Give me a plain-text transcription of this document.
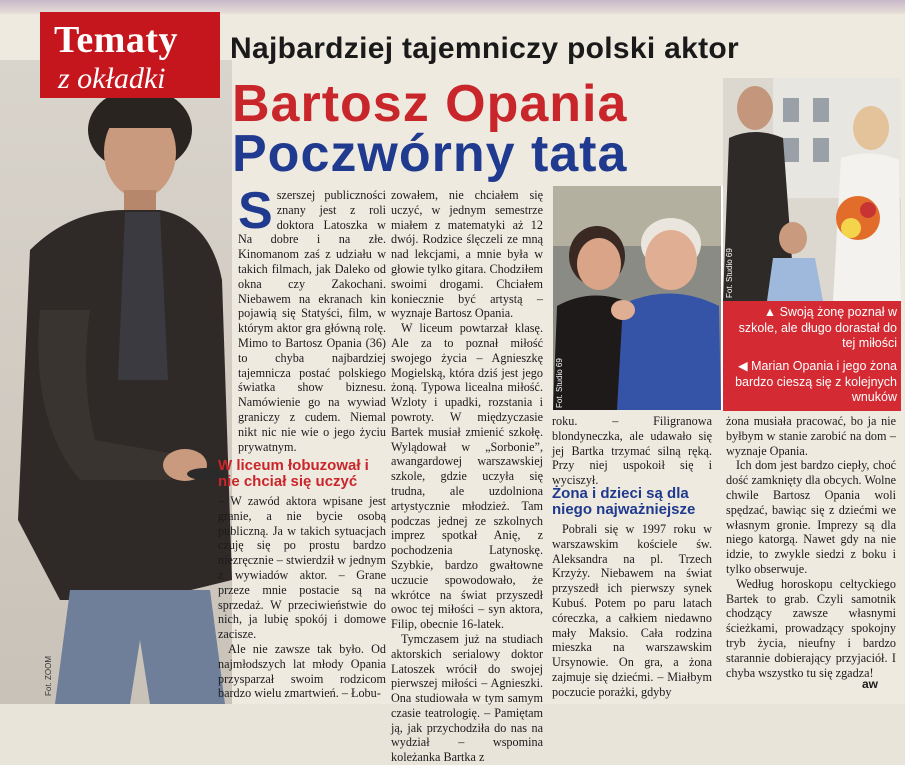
Fot. ZOOM
Tematy
z okładki
Najbardziej tajemniczy polski aktor
Bartosz Opania
Poczwórny tata
Fot. Studio 69
Fot. Studio 69
▲ Swoją żonę poznał w szkole, ale długo dorastał do tej miłości
◀ Marian Opania i jego żona bardzo cieszą się z kolejnych wnuków
S szerszej publiczności znany jest z roli doktora Latoszka w Na dobre i na złe. Kinomanom zaś z udziału w takich filmach, jak Daleko od okna czy Zakochani. Niebawem na ekranach kin pojawią się Statyści, film, w którym aktor gra główną rolę. Mimo to Bartosz Opania (36) to chyba najbardziej tajemnicza postać polskiego światka show biznesu. Namówienie go na wywiad graniczy z cudem. Niemal nikt nic nie wie o jego życiu prywatnym.

W liceum łobuzował i nie chciał się uczyć

– W zawód aktora wpisane jest granie, a nie bycie osobą publiczną. Ja w takich sytuacjach czuję się po prostu bardzo niezręcznie – stwierdził w jednym z wywiadów aktor. – Grane przeze mnie postacie są na sprzedaż. W przeciwieństwie do nich, ja lubię spokój i domowe zacisze.

Ale nie zawsze tak było. Od najmłodszych lat młody Opania przysparzał swoim rodzicom bardzo wielu zmartwień. – Łobu-

zowałem, nie chciałem się uczyć, w jednym semestrze miałem z matematyki aż 12 dwój. Rodzice ślęczeli ze mną nad lekcjami, a mnie była w głowie tylko gitara. Chodziłem swoimi drogami. Chciałem koniecznie być artystą – wyznaje Bartosz Opania.

W liceum powtarzał klasę. Ale za to poznał miłość swojego życia – Agnieszkę Mogielską, która dziś jest jego żoną. Typowa licealna miłość. Wzloty i upadki, rozstania i powroty. W międzyczasie Bartek musiał zmienić szkołę. Wylądował w „Sorbonie”, awangardowej warszawskiej szkole, gdzie uczyła się trudna, ale uzdolniona artystycznie młodzież. Tam podczas jednej ze szkolnych imprez spotkał Anię, z pochodzenia Latynoskę. Szybkie, bardzo gwałtowne uczucie spowodowało, że wkrótce na świat przyszedł owoc tej miłości – syn aktora, Filip, obecnie 16-latek.

Tymczasem już na studiach aktorskich serialowy doktor Latoszek wrócił do swojej pierwszej miłości – Agnieszki. Ona studiowała w tym samym czasie teatrologię. – Pamiętam ją, jak przychodziła do nas na wydział – wspomina koleżanka Bartka z

roku. – Filigranowa blondyneczka, ale udawało się jej Bartka trzymać silną ręką. Przy niej uspokoił się i wyciszył.

Żona i dzieci są dla niego najważniejsze

Pobrali się w 1997 roku w warszawskim kościele św. Aleksandra na pl. Trzech Krzyży. Niebawem na świat przyszedł ich pierwszy synek Kubuś. Potem po paru latach córeczka, a całkiem niedawno mały Maksio. Cała rodzina mieszka na warszawskim Ursynowie. On gra, a żona zajmuje się dziećmi. – Miałbym poczucie porażki, gdyby

żona musiała pracować, bo ja nie byłbym w stanie zarobić na dom – wyznaje Opania.

Ich dom jest bardzo ciepły, choć dość zamknięty dla obcych. Wolne chwile Bartosz Opania woli spędzać, bawiąc się z dziećmi we własnym gronie. Imprezy są dla niego katorgą. Nawet gdy na nie idzie, to zwykle siedzi z boku i tylko obserwuje.

Według horoskopu celtyckiego Bartek to grab. Czyli samotnik chodzący zawsze własnymi ścieżkami, prowadzący spokojny tryb życia, nieufny i bardzo starannie dobierający przyjaciół. I chyba wszystko tu się zgadza!

aw
